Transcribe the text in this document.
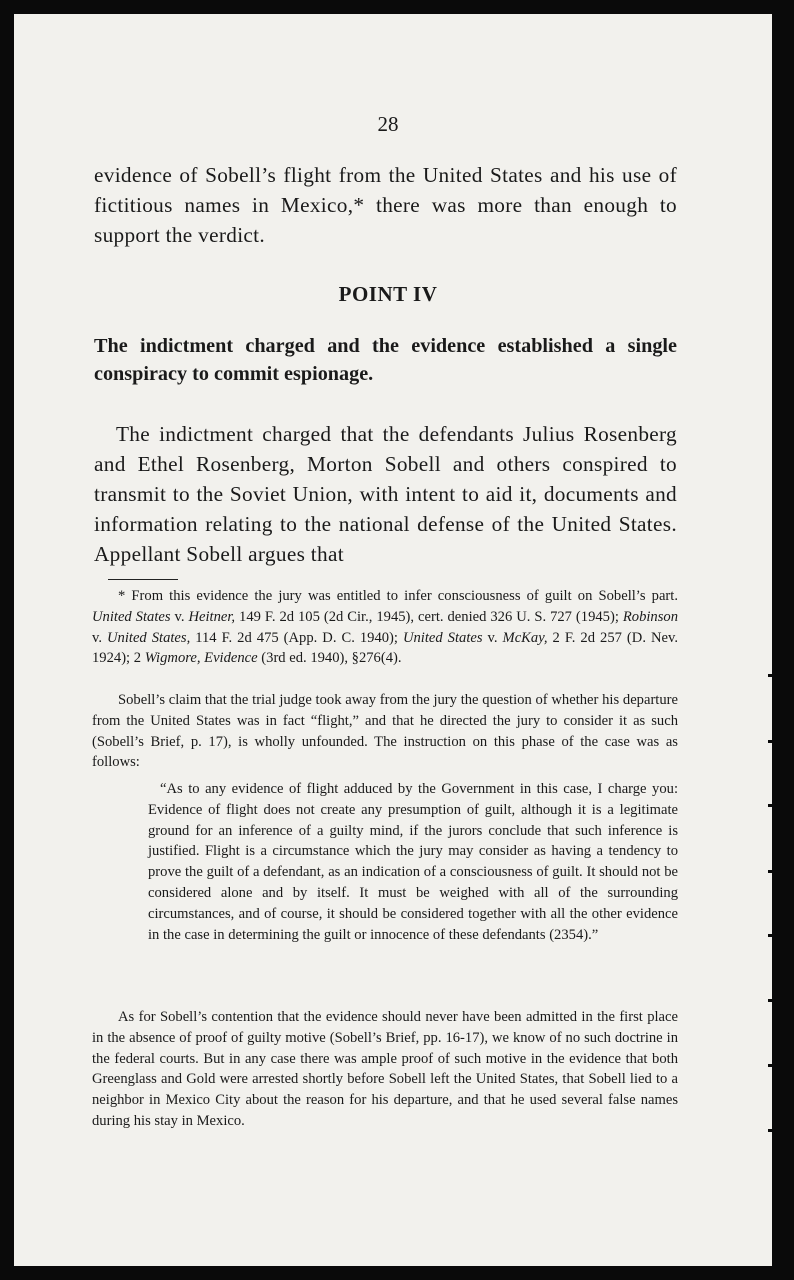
28
evidence of Sobell’s flight from the United States and his use of fictitious names in Mexico,* there was more than enough to support the verdict.
POINT IV
The indictment charged and the evidence established a single conspiracy to commit espionage.
The indictment charged that the defendants Julius Rosenberg and Ethel Rosenberg, Morton Sobell and others conspired to transmit to the Soviet Union, with intent to aid it, documents and information relating to the national defense of the United States. Appellant Sobell argues that
* From this evidence the jury was entitled to infer consciousness of guilt on Sobell’s part. United States v. Heitner, 149 F. 2d 105 (2d Cir., 1945), cert. denied 326 U. S. 727 (1945); Robinson v. United States, 114 F. 2d 475 (App. D. C. 1940); United States v. McKay, 2 F. 2d 257 (D. Nev. 1924); 2 Wigmore, Evidence (3rd ed. 1940), §276(4).
Sobell’s claim that the trial judge took away from the jury the question of whether his departure from the United States was in fact “flight,” and that he directed the jury to consider it as such (Sobell’s Brief, p. 17), is wholly unfounded. The instruction on this phase of the case was as follows:
“As to any evidence of flight adduced by the Government in this case, I charge you: Evidence of flight does not create any presumption of guilt, although it is a legitimate ground for an inference of a guilty mind, if the jurors conclude that such inference is justified. Flight is a circumstance which the jury may consider as having a tendency to prove the guilt of a defendant, as an indication of a consciousness of guilt. It should not be considered alone and by itself. It must be weighed with all of the surrounding circumstances, and of course, it should be considered together with all the other evidence in the case in determining the guilt or innocence of these defendants (2354).”
As for Sobell’s contention that the evidence should never have been admitted in the first place in the absence of proof of guilty motive (Sobell’s Brief, pp. 16-17), we know of no such doctrine in the federal courts. But in any case there was ample proof of such motive in the evidence that both Greenglass and Gold were arrested shortly before Sobell left the United States, that Sobell lied to a neighbor in Mexico City about the reason for his departure, and that he used several false names during his stay in Mexico.
